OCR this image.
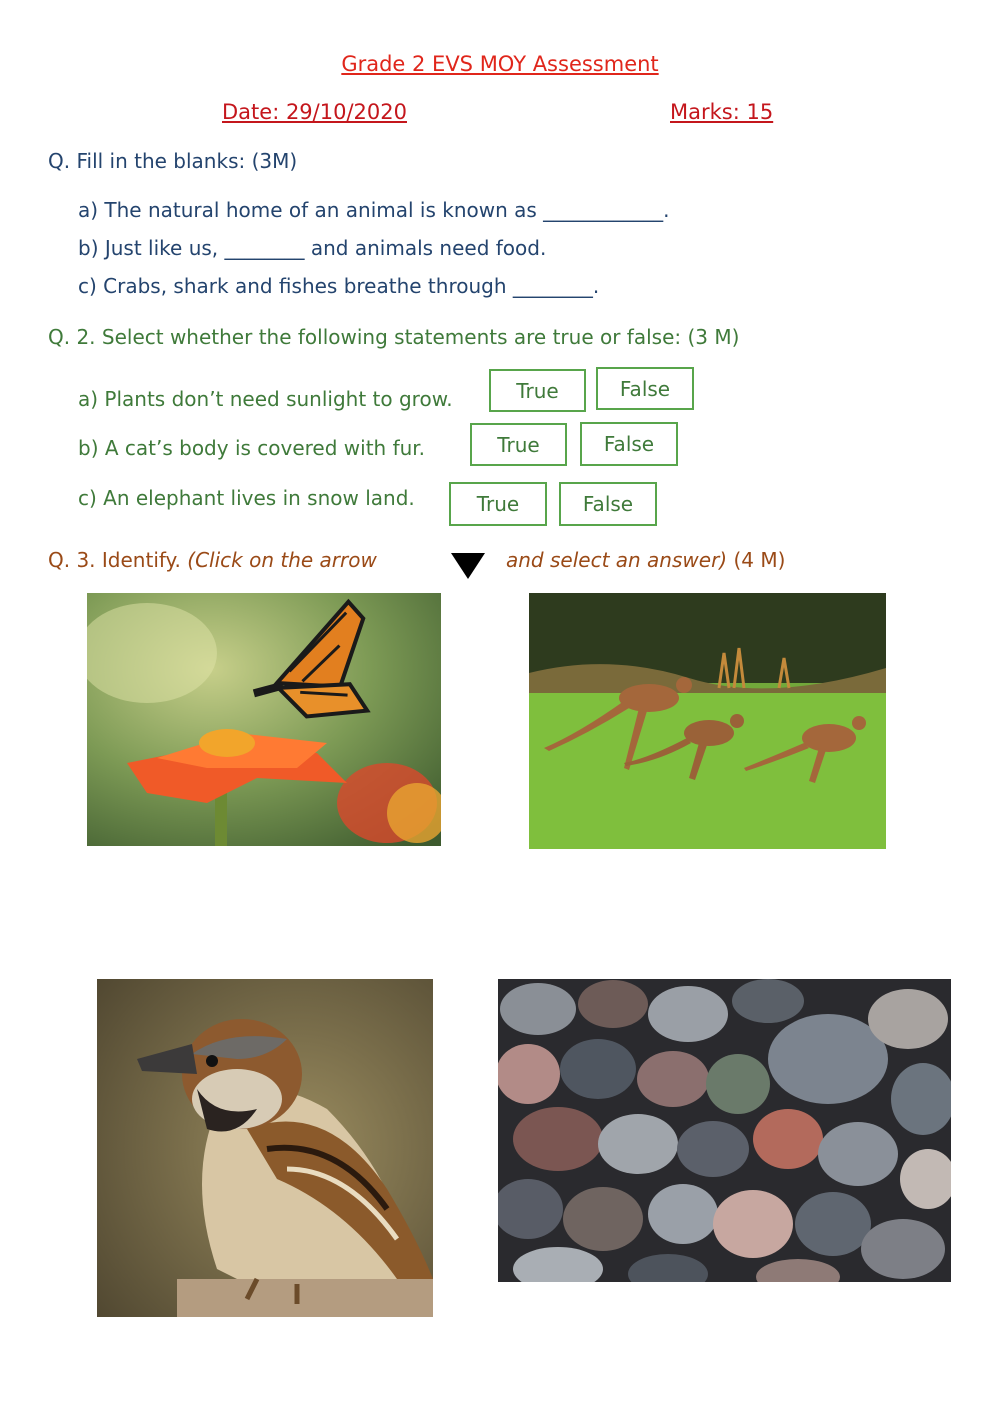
Grade 2 EVS MOY Assessment
Date: 29/10/2020	Marks: 15
Q. Fill in the blanks: (3M)
a) The natural home of an animal is known as ____________.
b) Just like us, ________ and animals need food.
c) Crabs, shark and fishes breathe through ________.
Q. 2. Select whether the following statements are true or false: (3 M)
a) Plants don’t need sunlight to grow.	True	False
b) A cat’s body is covered with fur.	True	False
c) An elephant lives in snow land.	True	False
Q. 3. Identify. (Click on the arrow	and select an answer) (4 M)
